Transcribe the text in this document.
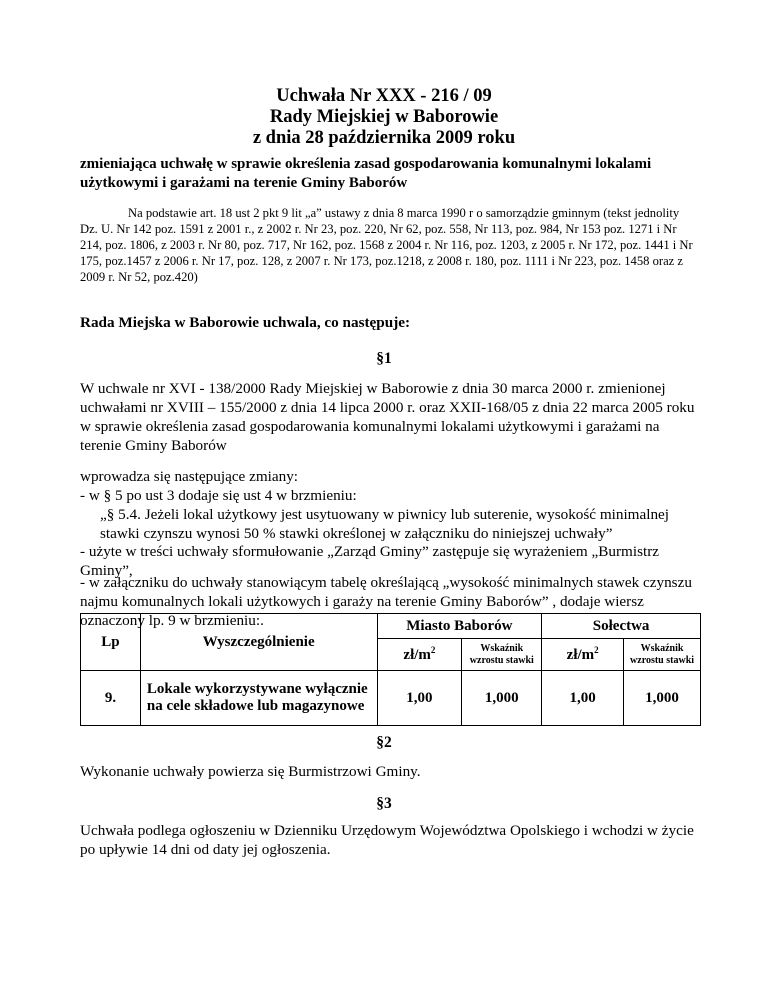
Uchwała Nr XXX - 216 / 09
Rady Miejskiej w Baborowie
z dnia 28 października 2009 roku
zmieniająca uchwałę w sprawie określenia zasad gospodarowania komunalnymi lokalami użytkowymi i garażami na terenie Gminy Baborów
Na podstawie art. 18 ust 2 pkt 9 lit „a” ustawy z dnia 8 marca 1990 r o samorządzie gminnym (tekst jednolity Dz. U. Nr 142 poz. 1591 z 2001 r., z 2002 r. Nr 23, poz. 220, Nr 62, poz. 558, Nr 113, poz. 984, Nr 153 poz. 1271 i Nr 214, poz. 1806, z 2003 r. Nr 80, poz. 717, Nr 162, poz. 1568 z 2004 r. Nr 116, poz. 1203, z 2005 r. Nr 172, poz. 1441 i Nr 175, poz.1457 z 2006 r. Nr 17, poz. 128, z 2007 r. Nr 173, poz.1218, z 2008 r. 180, poz. 1111 i Nr 223, poz. 1458 oraz z 2009 r. Nr 52, poz.420)
Rada Miejska w Baborowie uchwala, co następuje:
§1
W uchwale nr XVI - 138/2000 Rady Miejskiej w Baborowie z dnia 30 marca 2000 r. zmienionej uchwałami nr XVIII – 155/2000 z dnia 14 lipca 2000 r. oraz XXII-168/05 z dnia 22 marca 2005 roku w sprawie określenia zasad gospodarowania komunalnymi lokalami użytkowymi i garażami na terenie Gminy Baborów
wprowadza się następujące zmiany:
- w § 5 po ust 3 dodaje się ust 4 w brzmieniu:
„§ 5.4. Jeżeli lokal użytkowy jest usytuowany w piwnicy lub suterenie, wysokość minimalnej stawki czynszu wynosi 50 % stawki określonej w załączniku do niniejszej uchwały”
- użyte w treści uchwały sformułowanie „Zarząd Gminy” zastępuje się wyrażeniem „Burmistrz Gminy”,
- w załączniku do uchwały stanowiącym tabelę określającą „wysokość minimalnych stawek czynszu najmu komunalnych lokali użytkowych i garaży na terenie Gminy Baborów” , dodaje wiersz oznaczony lp. 9 w brzmieniu:.
Lp	Wyszczególnienie	Miasto Baborów		Sołectwa	
		$zł/m^2$	Wskaźnik wzrostu stawki	$zł/m^2$	Wskaźnik wzrostu stawki
9.	Lokale wykorzystywane wyłącznie na cele składowe lub magazynowe	1,00	1,000	1,00	1,000
§2
Wykonanie uchwały powierza się Burmistrzowi Gminy.
§3
Uchwała podlega ogłoszeniu w Dzienniku Urzędowym Województwa Opolskiego i wchodzi w życie po upływie 14 dni od daty jej ogłoszenia.
